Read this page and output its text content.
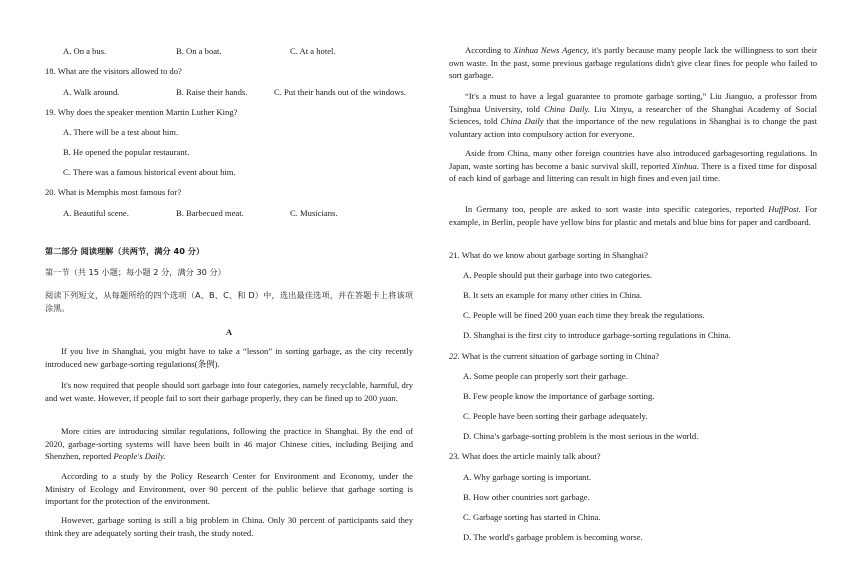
A. On a bus.	B. On a boat.	C. At a hotel.
18. What are the visitors allowed to do?
A. Walk around.	B. Raise their hands.	C. Put their hands out of the windows.
19. Why does the speaker mention Martin Luther King?
A. There will be a test about him.
B. He opened the popular restaurant.
C. There was a famous historical event about him.
20. What is Memphis most famous for?
A. Beautiful scene.	B. Barbecued meat.	C. Musicians.
第二部分 阅读理解（共两节，满分 40 分）
第一节（共 15 小题；每小题 2 分，满分 30 分）
阅读下列短文，从每题所给的四个选项（A、B、C、和 D）中，选出最佳选项，并在答题卡上将该项涂黑。
A
If you live in Shanghai, you might have to take a “lesson” in sorting garbage, as the city recently introduced new garbage-sorting regulations(条例).
It's now required that people should sort garbage into four categories, namely recyclable, harmful, dry and wet waste. However, if people fail to sort their garbage properly, they can be fined up to 200 yuan.
More cities are introducing similar regulations, following the practice in Shanghai. By the end of 2020, garbage-sorting systems will have been built in 46 major Chinese cities, including Beijing and Shenzhen, reported People's Daily.
According to a study by the Policy Research Center for Environment and Economy, under the Ministry of Ecology and Environment, over 90 percent of the public believe that garbage sorting is important for the protection of the environment.
However, garbage sorting is still a big problem in China. Only 30 percent of participants said they think they are adequately sorting their trash, the study noted.
According to Xinhua News Agency, it's partly because many people lack the willingness to sort their own waste. In the past, some previous garbage regulations didn't give clear fines for people who failed to sort garbage.
“It's a must to have a legal guarantee to promote garbage sorting,” Liu Jianguo, a professor from Tsinghua University, told China Daily. Liu Xinyu, a researcher of the Shanghai Academy of Social Sciences, told China Daily that the importance of the new regulations in Shanghai is to change the past voluntary action into compulsory action for everyone.
Aside from China, many other foreign countries have also introduced garbagesorting regulations. In Japan, waste sorting has become a basic survival skill, reported Xinhua. There is a fixed time for disposal of each kind of garbage and littering can result in high fines and even jail time.
In Germany too, people are asked to sort waste into specific categories, reported HuffPost. For example, in Berlin, people have yellow bins for plastic and metals and blue bins for paper and cardboard.
21. What do we know about garbage sorting in Shanghai?
A. People should put their garbage into two categories.
B. It sets an example for many other cities in China.
C. People will be fined 200 yuan each time they break the regulations.
D. Shanghai is the first city to introduce garbage-sorting regulations in China.
22. What is the current situation of garbage sorting in China?
A. Some people can properly sort their garbage.
B. Few people know the importance of garbage sorting.
C. People have been sorting their garbage adequately.
D. China’s garbage-sorting problem is the most serious in the world.
23. What does the article mainly talk about?
A. Why garbage sorting is important.
B. How other countries sort garbage.
C. Garbage sorting has started in China.
D. The world's garbage problem is becoming worse.
